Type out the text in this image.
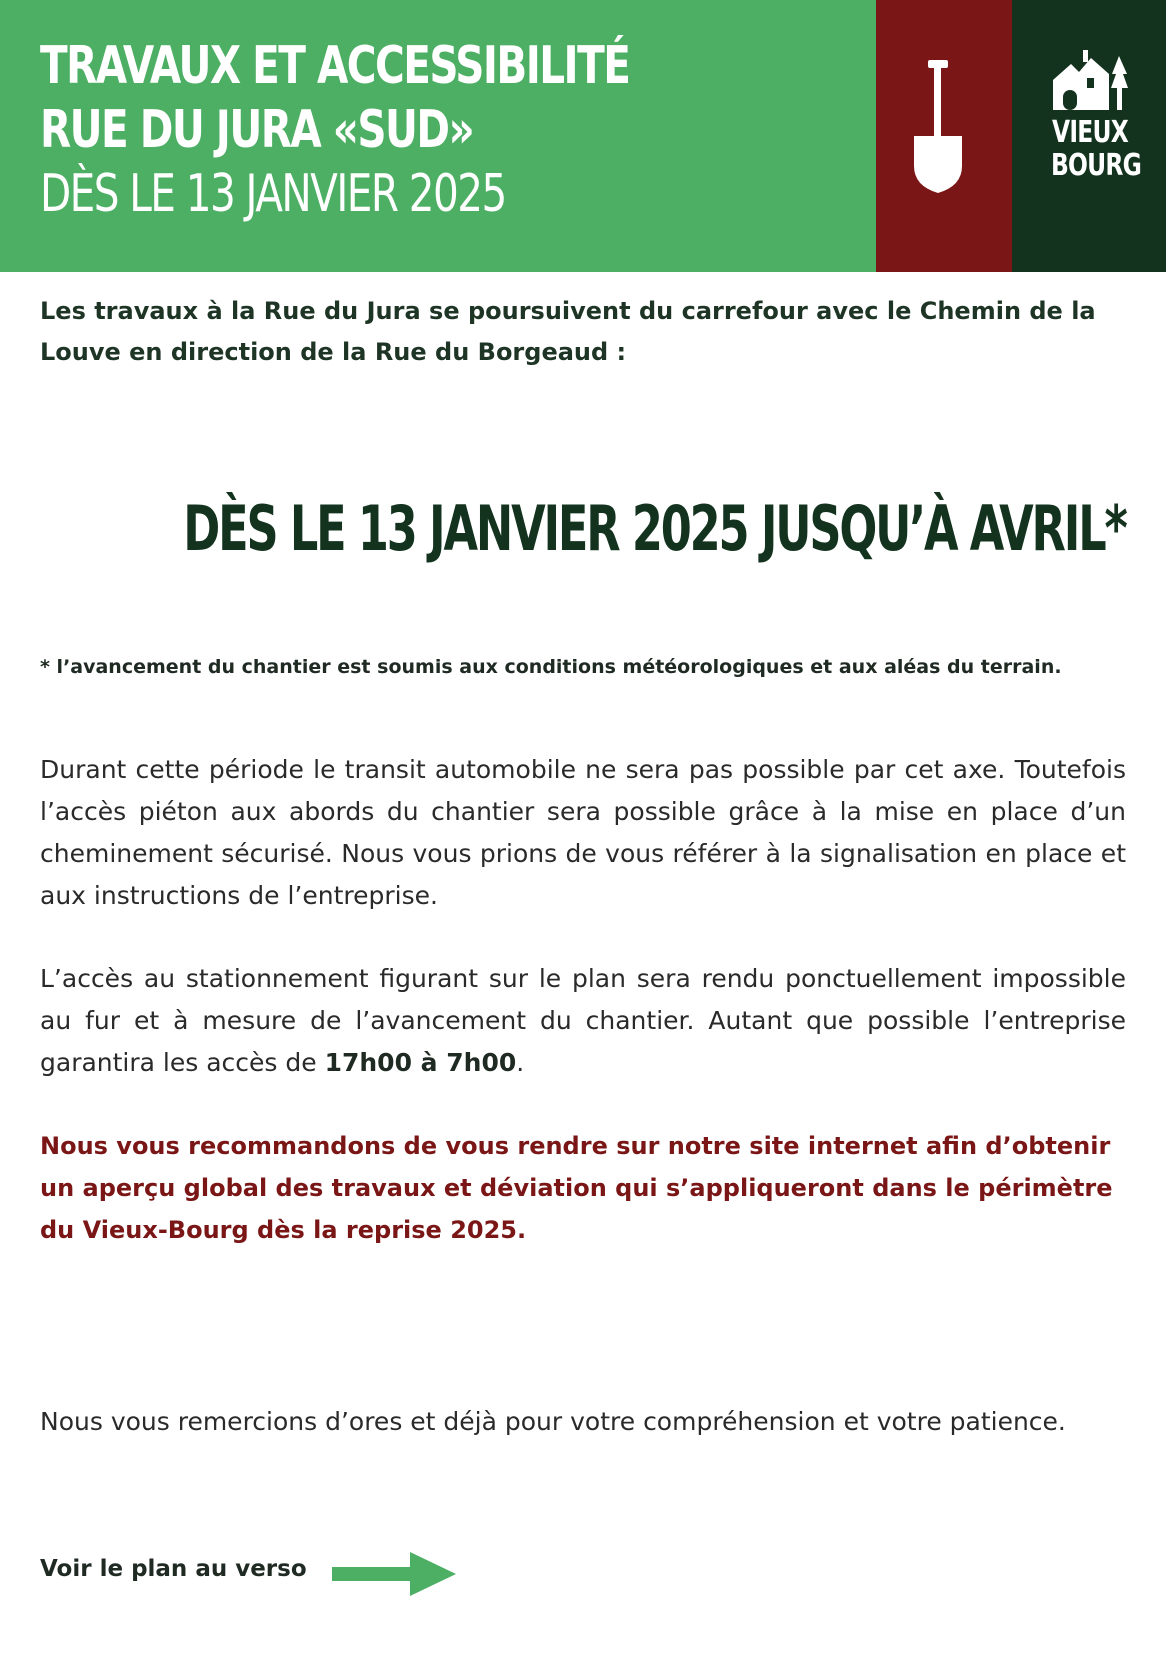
TRAVAUX ET ACCESSIBILITÉ
RUE DU JURA «SUD»
DÈS LE 13 JANVIER 2025
VIEUX
BOURG
Les travaux à la Rue du Jura se poursuivent du carrefour avec le Chemin de la Louve en direction de la Rue du Borgeaud :
DÈS LE 13 JANVIER 2025 JUSQU’À AVRIL*
* l’avancement du chantier est soumis aux conditions météorologiques et aux aléas du terrain.
Durant cette période le transit automobile ne sera pas possible par cet axe. Toutefois l’accès piéton aux abords du chantier sera possible grâce à la mise en place d’un cheminement sécurisé. Nous vous prions de vous référer à la signalisation en place et aux instructions de l’entreprise.
L’accès au stationnement figurant sur le plan sera rendu ponctuellement impossible au fur et à mesure de l’avancement du chantier. Autant que possible l’entreprise garantira les accès de 17h00 à 7h00.
Nous vous recommandons de vous rendre sur notre site internet afin d’obtenir un aperçu global des travaux et déviation qui s’appliqueront dans le périmètre du Vieux-Bourg dès la reprise 2025.
Nous vous remercions d’ores et déjà pour votre compréhension et votre patience.
Voir le plan au verso
